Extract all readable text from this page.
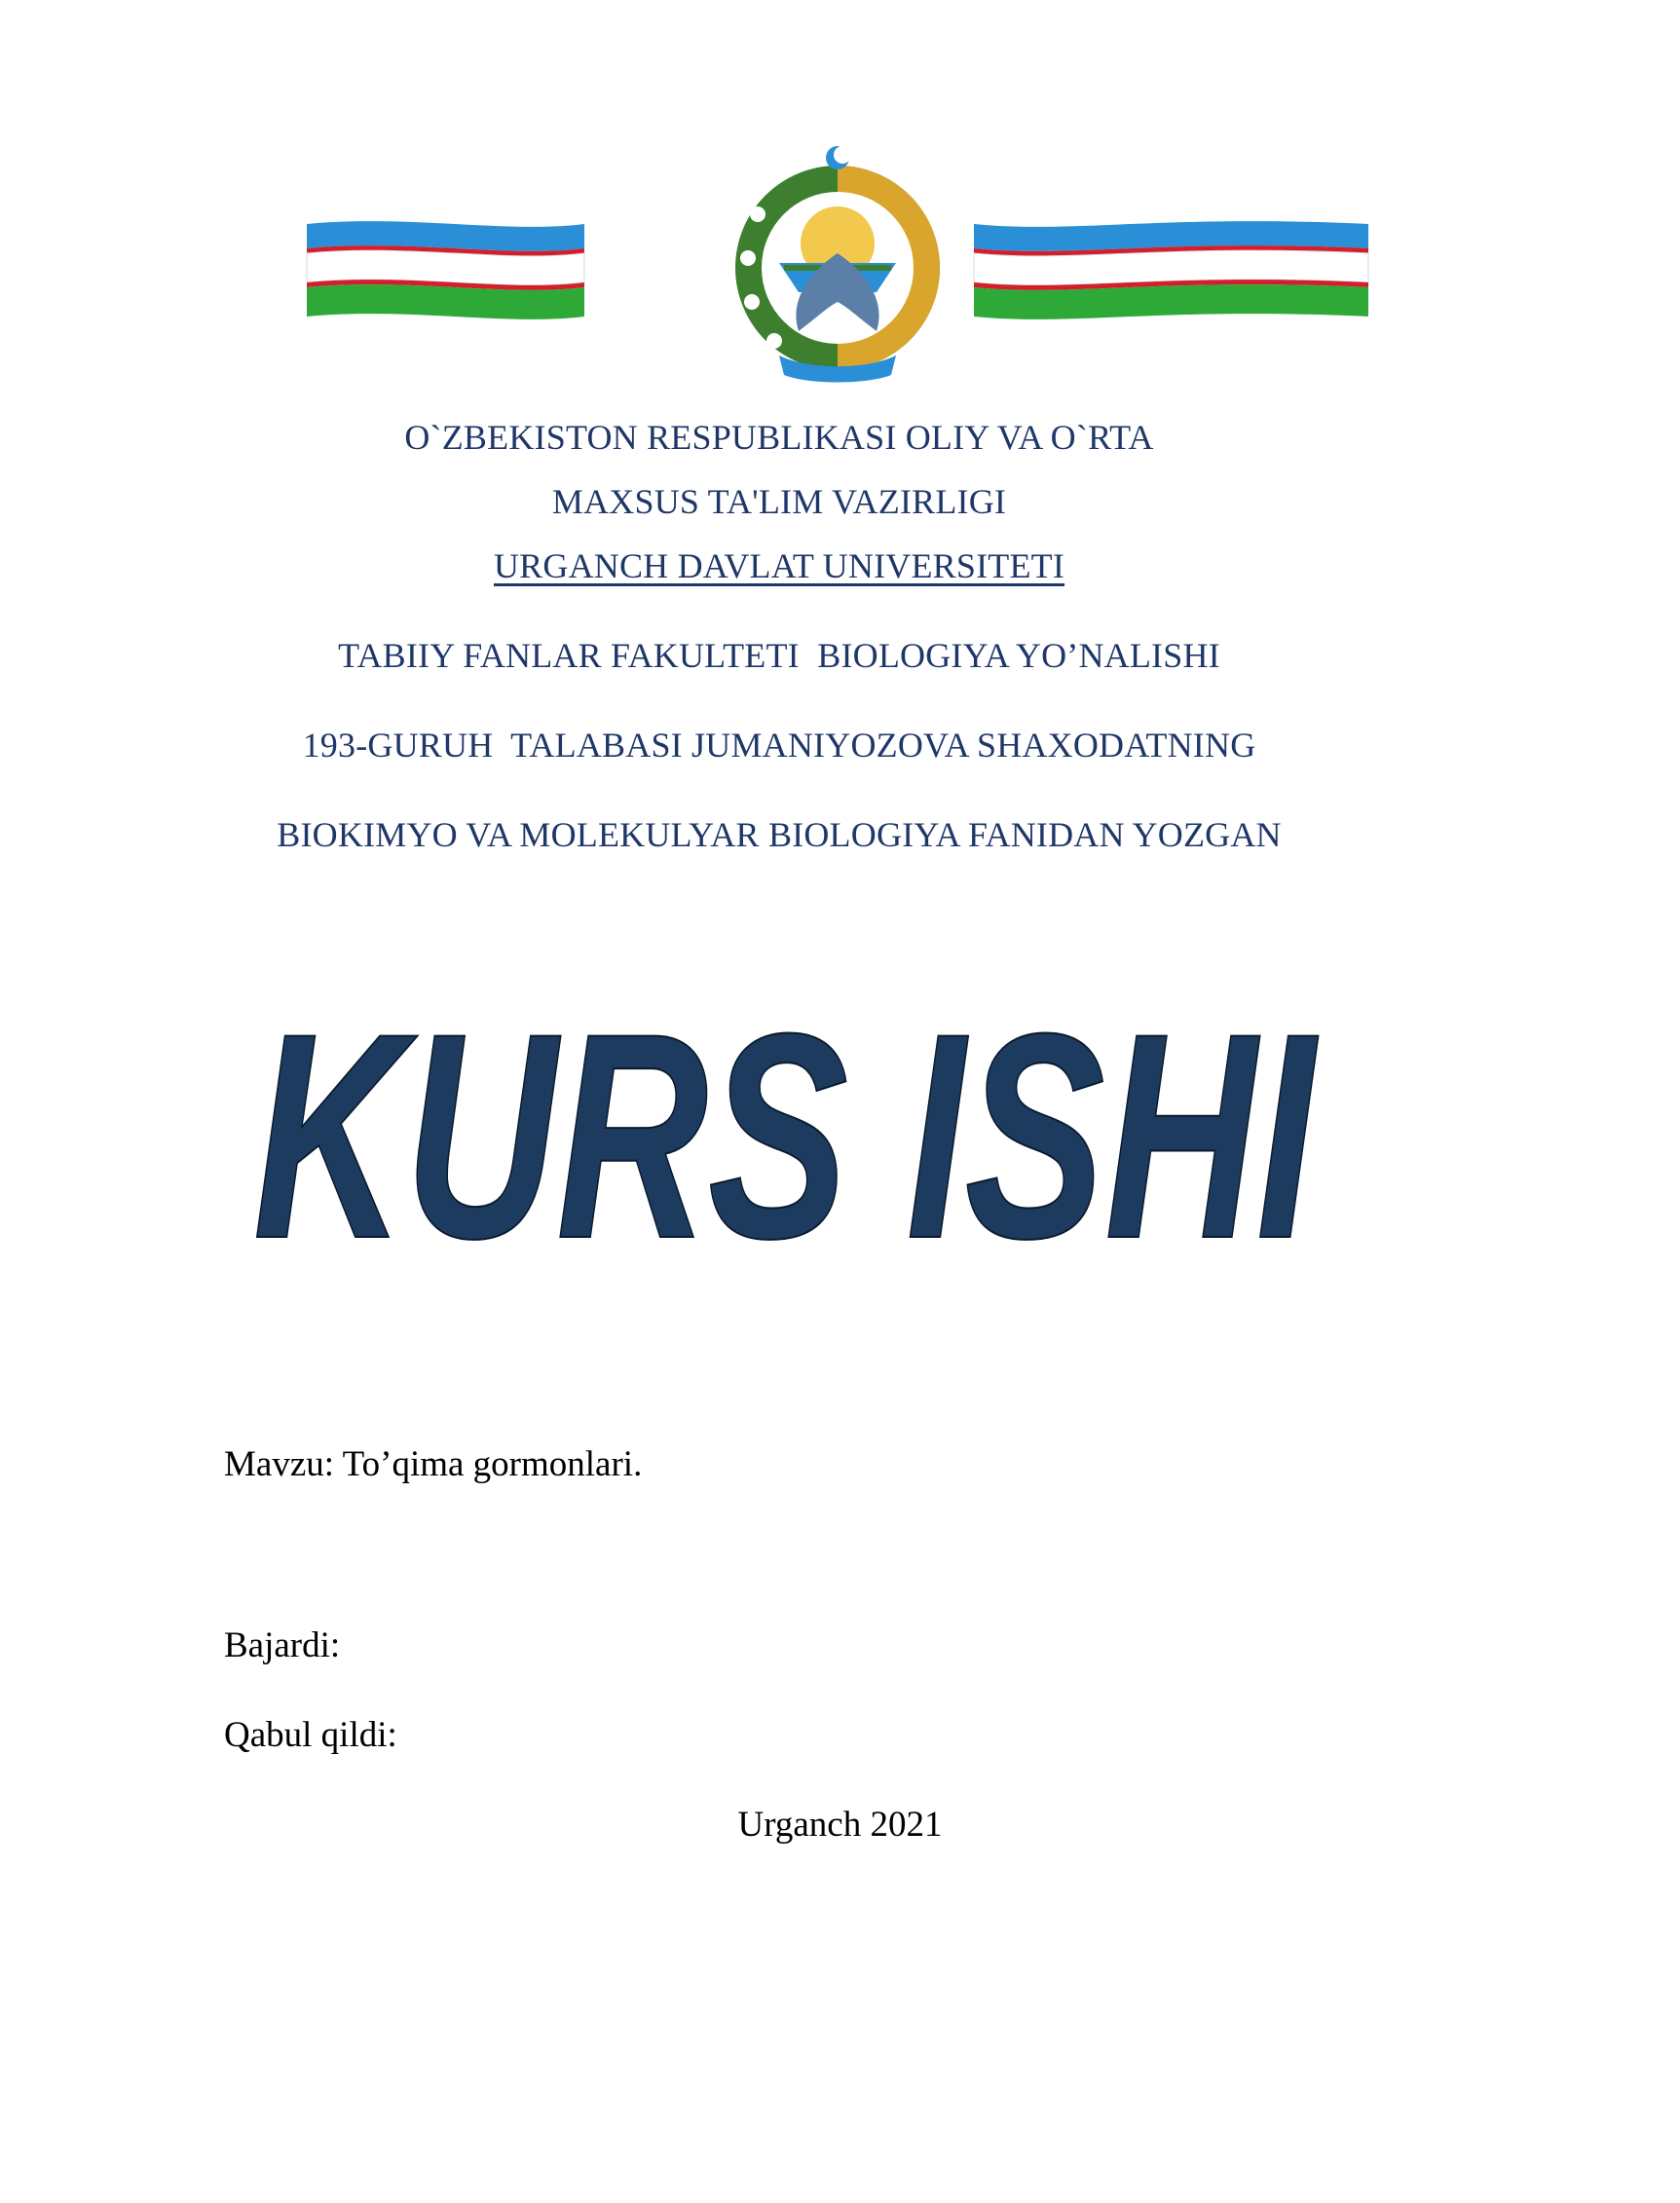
O`ZBEKISTON RESPUBLIKASI OLIY VA O`RTA
MAXSUS TA'LIM VAZIRLIGI
URGANCH DAVLAT UNIVERSITETI
TABIIY FANLAR FAKULTETI  BIOLOGIYA YO’NALISHI
193-GURUH  TALABASI JUMANIYOZOVA SHAXODATNING
BIOKIMYO VA MOLEKULYAR BIOLOGIYA FANIDAN YOZGAN
KURS ISHI
Mavzu: To’qima gormonlari.
Bajardi:
Qabul qildi:
Urganch 2021
